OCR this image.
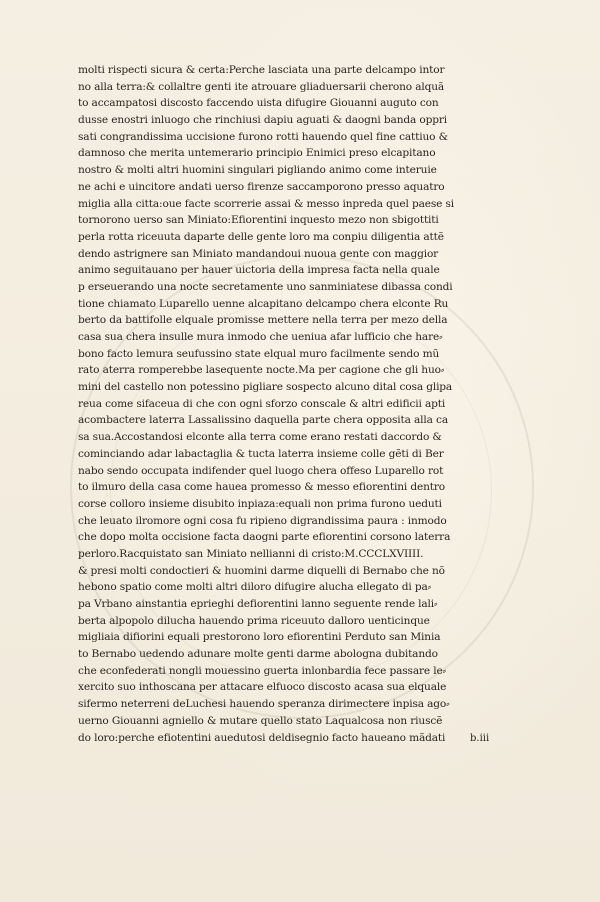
molti rispecti sicura & certa:Perche lasciata una parte delcampo intor
no alla terra:& collaltre genti ite atrouare gliaduersarii cherono alquã
to accampatosi discosto faccendo uista difugire Giouanni auguto con
dusse enostri inluogo che rinchiusi dapiu aguati & daogni banda oppri
sati congrandissima uccisione furono rotti hauendo quel fine cattiuo &
damnoso che merita untemerario principio Enimici preso elcapitano
nostro & molti altri huomini singulari pigliando animo come interuie
ne achi e uincitore andati uerso firenze saccamporono presso aquatro
miglia alla citta:oue facte scorrerie assai & messo inpreda quel paese si
tornorono uerso san Miniato:Efiorentini inquesto mezo non sbigottiti
perla rotta riceuuta daparte delle gente loro ma conpiu diligentia attẽ
dendo astrignere san Miniato mandandoui nuoua gente con maggior
animo seguitauano per hauer uictoria della impresa facta nella quale
p erseuerando una nocte secretamente uno sanminiatese dibassa condi
tione chiamato Luparello uenne alcapitano delcampo chera elconte Ru
berto da battifolle elquale promisse mettere nella terra per mezo della
casa sua chera insulle mura inmodo che ueniua afar lufficio che hare⸗
bono facto lemura seufussino state elqual muro facilmente sendo mũ
rato aterra romperebbe lasequente nocte.Ma per cagione che gli huo⸗
mini del castello non potessino pigliare sospecto alcuno dital cosa glipa
reua come sifaceua di che con ogni sforzo conscale & altri edificii apti
acombactere laterra Lassalissino daquella parte chera opposita alla ca
sa sua.Accostandosi elconte alla terra come erano restati daccordo &
cominciando adar labactaglia & tucta laterra insieme colle gẽti di Ber
nabo sendo occupata indifender quel luogo chera offeso Luparello rot
to ilmuro della casa come hauea promesso & messo efiorentini dentro
corse colloro insieme disubito inpiaza:equali non prima furono ueduti
che leuato ilromore ogni cosa fu ripieno digrandissima paura : inmodo
che dopo molta occisione facta daogni parte efiorentini corsono laterra
perloro.Racquistato san Miniato nellianni di cristo:M.CCCLXVIIII.
& presi molti condoctieri & huomini darme diquelli di Bernabo che nõ
hebono spatio come molti altri diloro difugire alucha ellegato di pa⸗
pa Vrbano ainstantia eprieghi defiorentini lanno seguente rende lali⸗
berta alpopolo dilucha hauendo prima riceuuto dalloro uenticinque
migliaia difiorini equali prestorono loro efiorentini Perduto san Minia
to Bernabo uedendo adunare molte genti darme abologna dubitando
che econfederati nongli mouessino guerta inlonbardia fece passare le⸗
xercito suo inthoscana per attacare elfuoco discosto acasa sua elquale
sifermo neterreni deLuchesi hauendo speranza dirimectere inpisa ago⸗
uerno Giouanni agniello & mutare quello stato Laqualcosa non riuscẽ
do loro:perche efiotentini auedutosi deldisegnio facto haueano mãdati	b.iii
